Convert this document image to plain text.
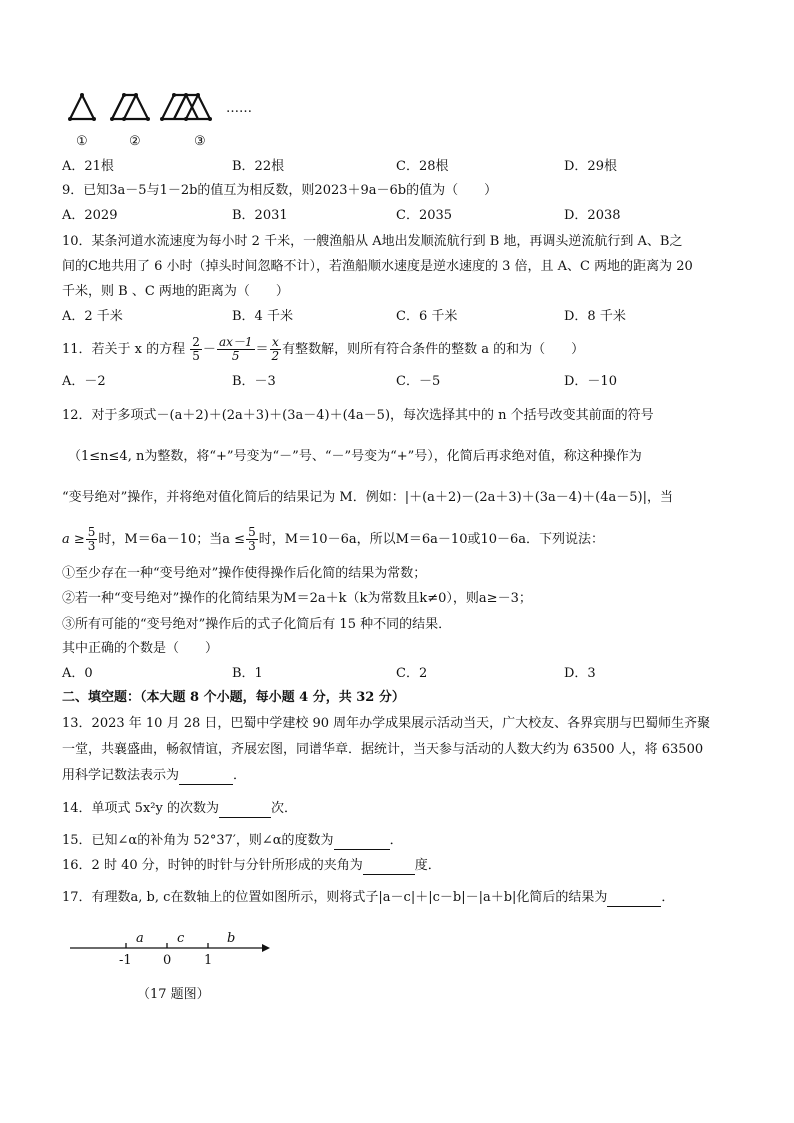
……
①	②	③
A．21根	B．22根	C．28根	D．29根
9．已知3a－5与1－2b的值互为相反数，则2023＋9a－6b的值为（　　）
A．2029	B．2031	C．2035	D．2038
10．某条河道水流速度为每小时 2 千米，一艘渔船从 A地出发顺流航行到 B 地，再调头逆流航行到 A、B之
间的C地共用了 6 小时（掉头时间忽略不计），若渔船顺水速度是逆水速度的 3 倍，且 A、C 两地的距离为 20
千米，则 B 、C 两地的距离为（　　）
A．2 千米	B．4 千米	C．6 千米	D．8 千米
11．若关于 x 的方程 $\frac{2}{5} - \frac{ax-1}{5} = \frac{x}{2}$ 有整数解，则所有符合条件的整数 a 的和为（　　）
A．－2	B．－3	C．－5	D．－10
12．对于多项式－(a＋2)＋(2a＋3)＋(3a－4)＋(4a－5)，每次选择其中的 n 个括号改变其前面的符号
（1≤n≤4, n为整数，将“+”号变为“－”号、“－”号变为“+”号），化简后再求绝对值，称这种操作为
“变号绝对”操作，并将绝对值化简后的结果记为 M．例如：|＋(a＋2)－(2a＋3)＋(3a－4)＋(4a－5)|，当
$a \ge \frac{5}{3}$ 时，M＝6a－10；当$a \le \frac{5}{3}$ 时，M＝10－6a，所以M＝6a－10或10－6a．下列说法：
①至少存在一种“变号绝对”操作使得操作后化简的结果为常数；
②若一种“变号绝对”操作的化简结果为M＝2a＋k（k为常数且k≠0），则a≥－3；
③所有可能的“变号绝对”操作后的式子化简后有 15 种不同的结果．
其中正确的个数是（　　）
A．0	B．1	C．2	D．3
二、填空题：（本大题 8 个小题，每小题 4 分，共 32 分）
13．2023 年 10 月 28 日，巴蜀中学建校 90 周年办学成果展示活动当天，广大校友、各界宾朋与巴蜀师生齐聚
一堂，共襄盛曲，畅叙情谊，齐展宏图，同谱华章．据统计，当天参与活动的人数大约为 63500 人，将 63500
用科学记数法表示为	．
14．单项式 5x²y 的次数为	次．
15．已知∠α的补角为 52°37′，则∠α的度数为	．
16．2 时 40 分，时钟的时针与分针所形成的夹角为	度．
17．有理数a, b, c在数轴上的位置如图所示，则将式子|a－c|＋|c－b|－|a＋b|化简后的结果为	．
a	c	b
-1 0	1
（17 题图）
